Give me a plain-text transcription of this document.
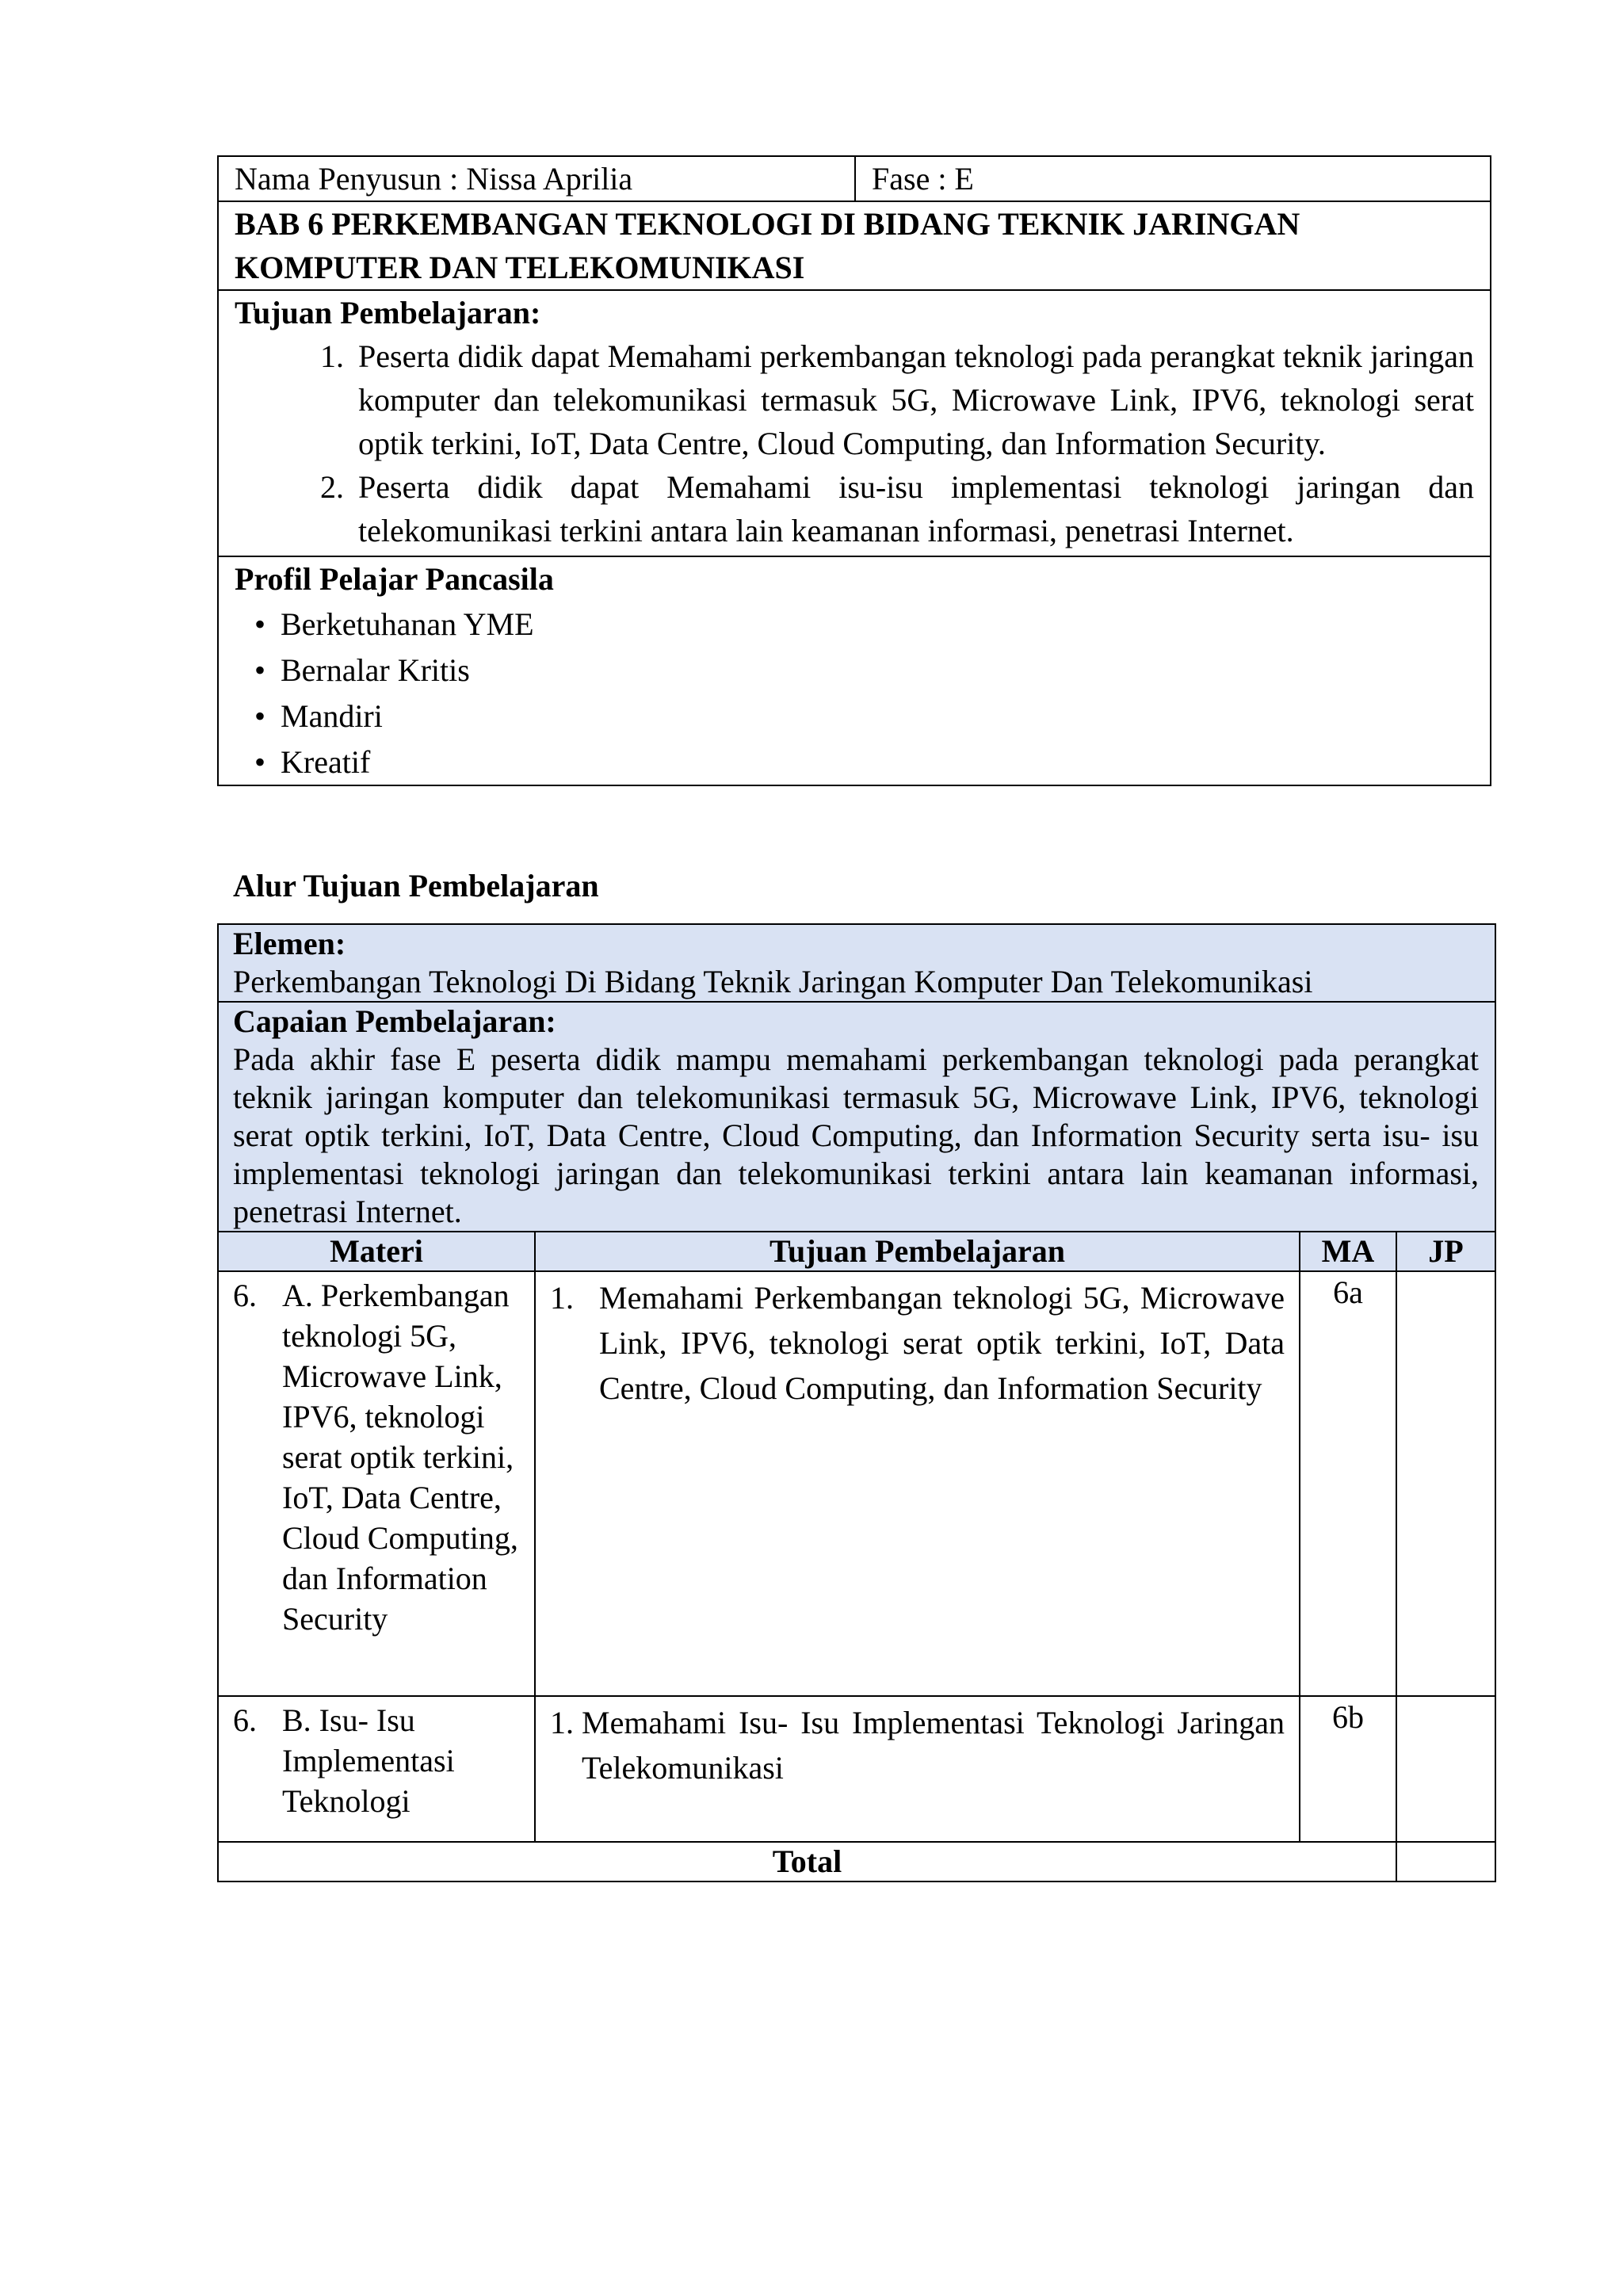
Nama Penyusun : Nissa Aprilia	Fase : E
BAB 6 PERKEMBANGAN TEKNOLOGI DI BIDANG TEKNIK JARINGAN KOMPUTER DAN TELEKOMUNIKASI

Tujuan Pembelajaran:
1. Peserta didik dapat Memahami perkembangan teknologi pada perangkat teknik jaringan komputer dan telekomunikasi termasuk 5G, Microwave Link, IPV6, teknologi serat optik terkini, IoT, Data Centre, Cloud Computing, dan Information Security.
2. Peserta didik dapat Memahami isu-isu implementasi teknologi jaringan dan telekomunikasi terkini antara lain keamanan informasi, penetrasi Internet.

Profil Pelajar Pancasila
• Berketuhanan YME
• Bernalar Kritis
• Mandiri
• Kreatif
Alur Tujuan Pembelajaran
Elemen:
Perkembangan Teknologi Di Bidang Teknik Jaringan Komputer Dan Telekomunikasi			

Capaian Pembelajaran:
Pada akhir fase E peserta didik mampu memahami perkembangan teknologi pada perangkat teknik jaringan komputer dan telekomunikasi termasuk 5G, Microwave Link, IPV6, teknologi serat optik terkini, IoT, Data Centre, Cloud Computing, dan Information Security serta isu- isu implementasi teknologi jaringan dan telekomunikasi terkini antara lain keamanan informasi, penetrasi Internet.			

Materi	Tujuan Pembelajaran	MA	JP

6. A. Perkembangan teknologi 5G, Microwave Link, IPV6, teknologi serat optik terkini, IoT, Data Centre, Cloud Computing, dan Information Security	1. Memahami Perkembangan teknologi 5G, Microwave Link, IPV6, teknologi serat optik terkini, IoT, Data Centre, Cloud Computing, dan Information Security	6a	

6. B. Isu- Isu Implementasi Teknologi	1. Memahami Isu- Isu Implementasi Teknologi Jaringan Telekomunikasi	6b	
Total			
